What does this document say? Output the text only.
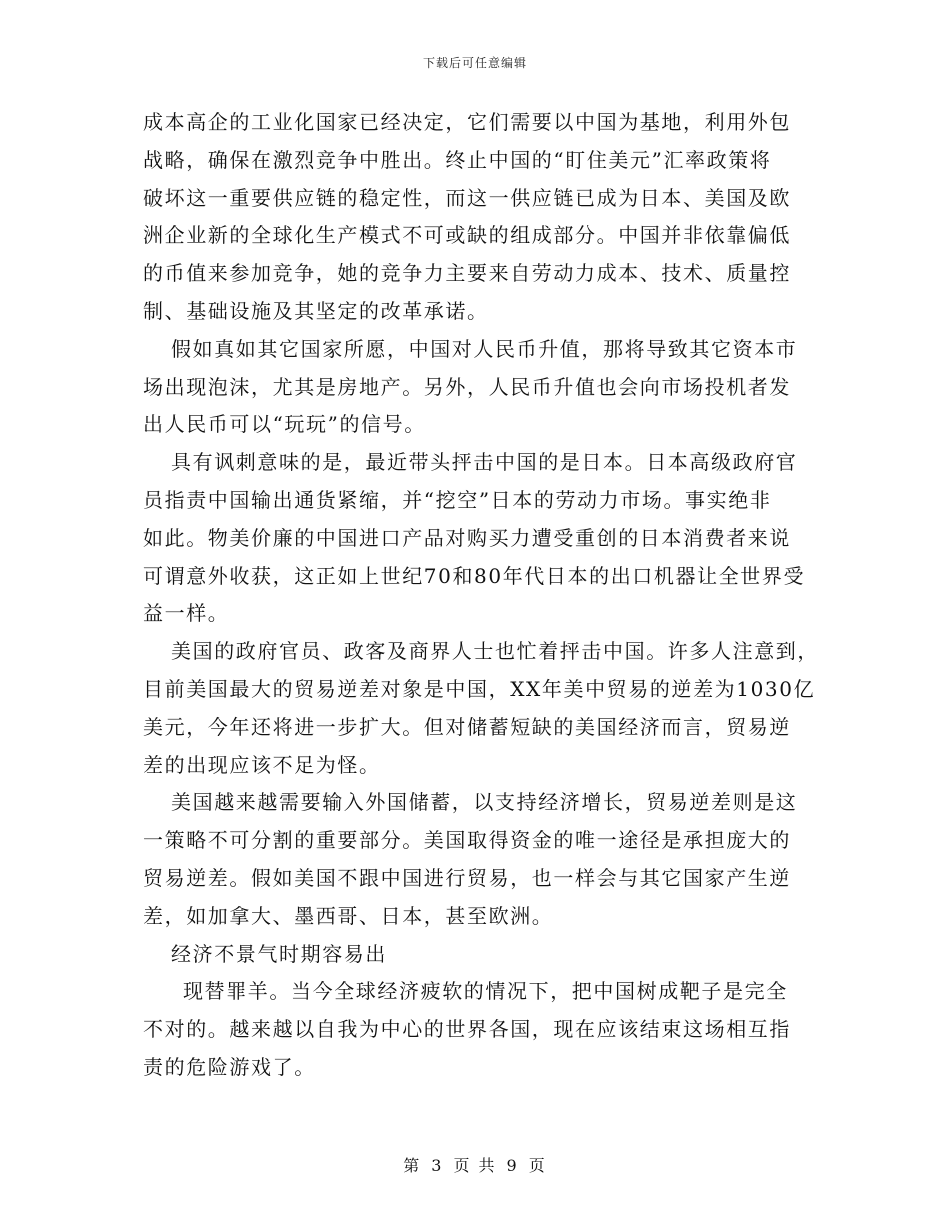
下载后可任意编辑
成本高企的工业化国家已经决定，它们需要以中国为基地，利用外包
战略，确保在激烈竞争中胜出。终止中国的“盯住美元”汇率政策将
破坏这一重要供应链的稳定性，而这一供应链已成为日本、美国及欧
洲企业新的全球化生产模式不可或缺的组成部分。中国并非依靠偏低
的币值来参加竞争，她的竞争力主要来自劳动力成本、技术、质量控
制、基础设施及其坚定的改革承诺。
假如真如其它国家所愿，中国对人民币升值，那将导致其它资本市
场出现泡沫，尤其是房地产。另外，人民币升值也会向市场投机者发
出人民币可以“玩玩”的信号。
具有讽刺意味的是，最近带头抨击中国的是日本。日本高级政府官
员指责中国输出通货紧缩，并“挖空”日本的劳动力市场。事实绝非
如此。物美价廉的中国进口产品对购买力遭受重创的日本消费者来说
可谓意外收获，这正如上世纪70和80年代日本的出口机器让全世界受
益一样。
美国的政府官员、政客及商界人士也忙着抨击中国。许多人注意到，
目前美国最大的贸易逆差对象是中国，XX年美中贸易的逆差为1030亿
美元，今年还将进一步扩大。但对储蓄短缺的美国经济而言，贸易逆
差的出现应该不足为怪。
美国越来越需要输入外国储蓄，以支持经济增长，贸易逆差则是这
一策略不可分割的重要部分。美国取得资金的唯一途径是承担庞大的
贸易逆差。假如美国不跟中国进行贸易，也一样会与其它国家产生逆
差，如加拿大、墨西哥、日本，甚至欧洲。
经济不景气时期容易出
现替罪羊。当今全球经济疲软的情况下，把中国树成靶子是完全
不对的。越来越以自我为中心的世界各国，现在应该结束这场相互指
责的危险游戏了。
第 3 页 共 9 页
